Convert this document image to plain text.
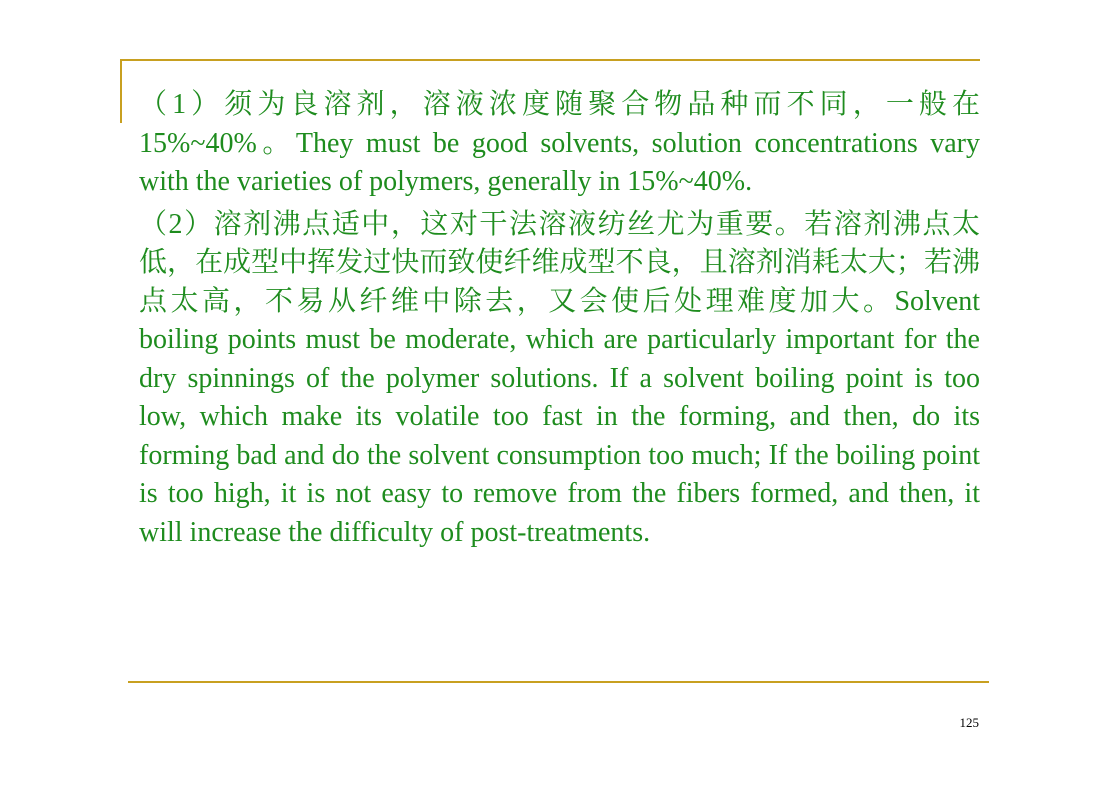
（1）须为良溶剂，溶液浓度随聚合物品种而不同，一般在15%~40%。They must be good solvents, solution concentrations vary with the varieties of polymers, generally in 15%~40%.

（2）溶剂沸点适中，这对干法溶液纺丝尤为重要。若溶剂沸点太低，在成型中挥发过快而致使纤维成型不良，且溶剂消耗太大；若沸点太高，不易从纤维中除去，又会使后处理难度加大。Solvent boiling points must be moderate, which are particularly important for the dry spinnings of the polymer solutions. If a solvent boiling point is too low, which make its volatile too fast in the forming, and then, do its forming bad and do the solvent consumption too much; If the boiling point is too high, it is not easy to remove from the fibers formed, and then, it will increase the difficulty of post-treatments.

125
